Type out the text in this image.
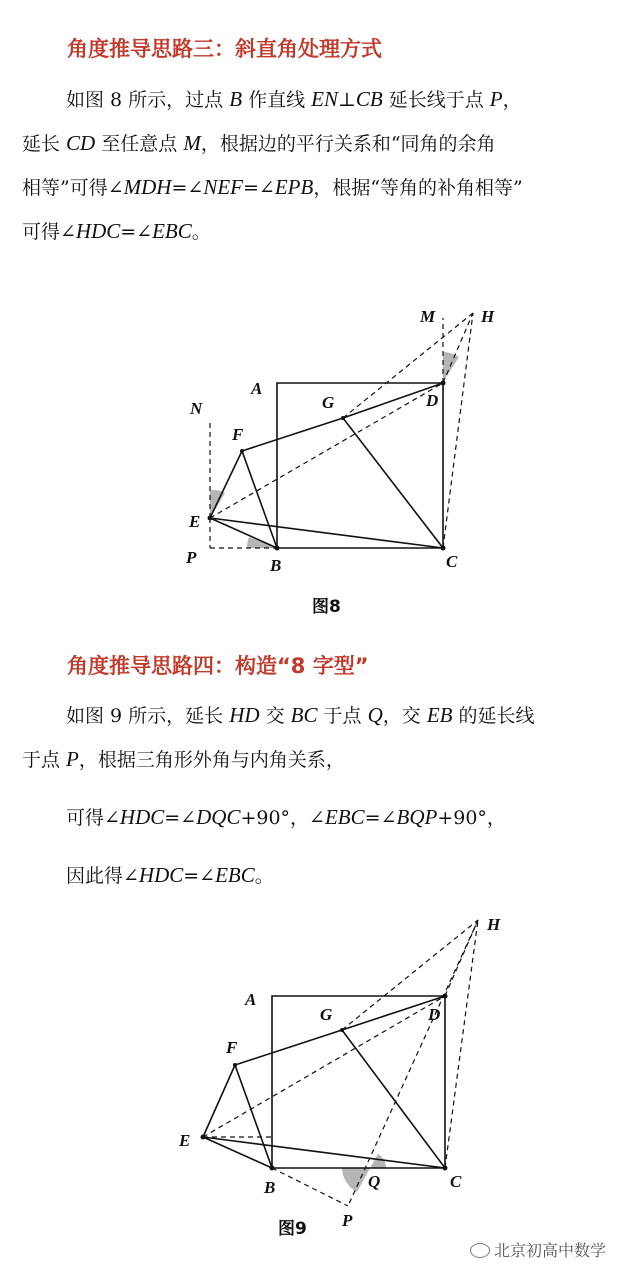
角度推导思路三：斜直角处理方式
如图 8 所示，过点 B 作直线 EN⊥CB 延长线于点 P，
延长 CD 至任意点 M，根据边的平行关系和“同角的余角
相等”可得∠MDH=∠NEF=∠EPB，根据“等角的补角相等”
可得∠HDC=∠EBC。
M	H
A
G	D
N
F
E
P	B	C
图8
角度推导思路四：构造“8 字型”
如图 9 所示，延长 HD 交 BC 于点 Q，交 EB 的延长线
于点 P，根据三角形外角与内角关系，
可得∠HDC=∠DQC+90°，∠EBC=∠BQP+90°，
因此得∠HDC=∠EBC。
H
A
G	D
F
E
B	Q	C
P
图9
北京初高中数学
